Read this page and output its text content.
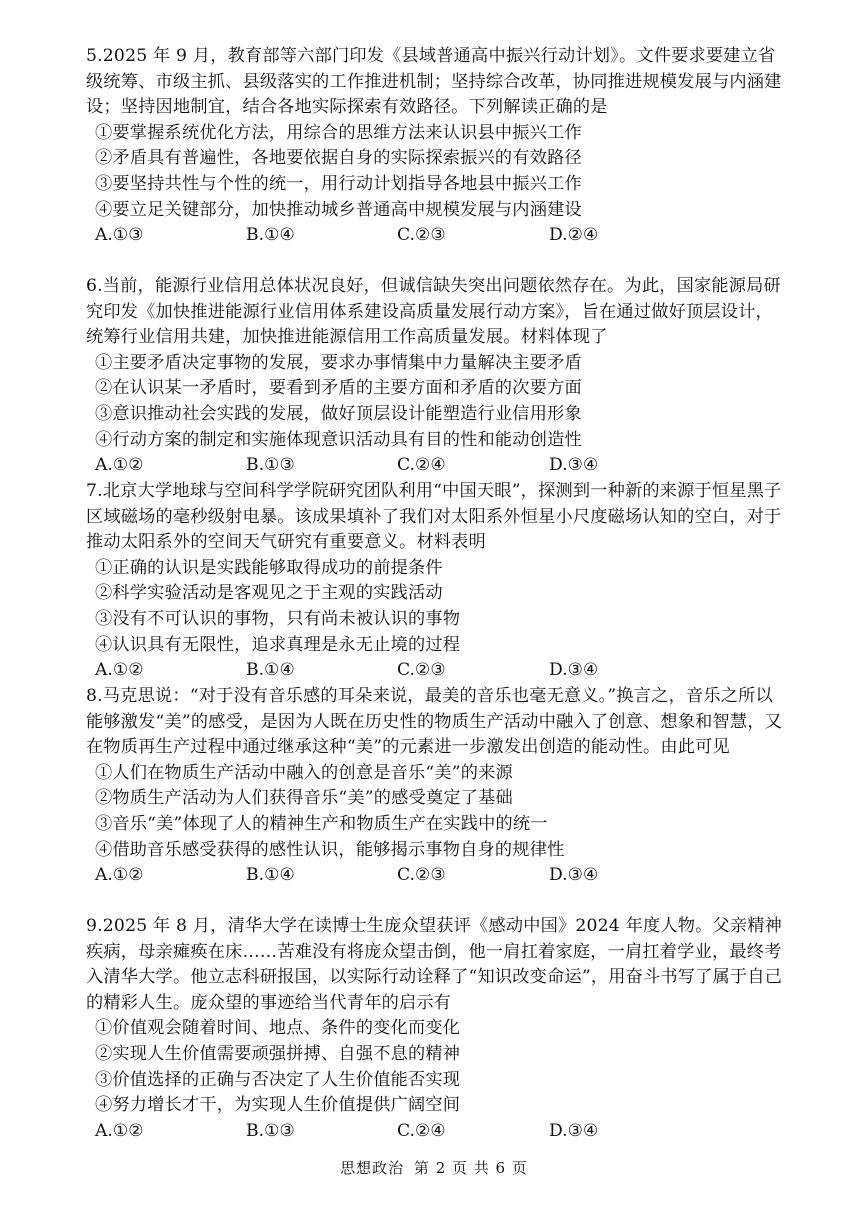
5.2025 年 9 月，教育部等六部门印发《县域普通高中振兴行动计划》。文件要求要建立省级统筹、市级主抓、县级落实的工作推进机制；坚持综合改革，协同推进规模发展与内涵建设；坚持因地制宜，结合各地实际探索有效路径。下列解读正确的是

①要掌握系统优化方法，用综合的思维方法来认识县中振兴工作

②矛盾具有普遍性，各地要依据自身的实际探索振兴的有效路径

③要坚持共性与个性的统一，用行动计划指导各地县中振兴工作

④要立足关键部分，加快推动城乡普通高中规模发展与内涵建设

A.①③	B.①④	C.②③	D.②④

6.当前，能源行业信用总体状况良好，但诚信缺失突出问题依然存在。为此，国家能源局研究印发《加快推进能源行业信用体系建设高质量发展行动方案》，旨在通过做好顶层设计，统筹行业信用共建，加快推进能源信用工作高质量发展。材料体现了

①主要矛盾决定事物的发展，要求办事情集中力量解决主要矛盾

②在认识某一矛盾时，要看到矛盾的主要方面和矛盾的次要方面

③意识推动社会实践的发展，做好顶层设计能塑造行业信用形象

④行动方案的制定和实施体现意识活动具有目的性和能动创造性

A.①②	B.①③	C.②④	D.③④

7.北京大学地球与空间科学学院研究团队利用“中国天眼”，探测到一种新的来源于恒星黑子区域磁场的毫秒级射电暴。该成果填补了我们对太阳系外恒星小尺度磁场认知的空白，对于推动太阳系外的空间天气研究有重要意义。材料表明

①正确的认识是实践能够取得成功的前提条件

②科学实验活动是客观见之于主观的实践活动

③没有不可认识的事物，只有尚未被认识的事物

④认识具有无限性，追求真理是永无止境的过程

A.①②	B.①④	C.②③	D.③④

8.马克思说：“对于没有音乐感的耳朵来说，最美的音乐也毫无意义。”换言之，音乐之所以能够激发“美”的感受，是因为人既在历史性的物质生产活动中融入了创意、想象和智慧，又在物质再生产过程中通过继承这种“美”的元素进一步激发出创造的能动性。由此可见

①人们在物质生产活动中融入的创意是音乐“美”的来源

②物质生产活动为人们获得音乐“美”的感受奠定了基础

③音乐“美”体现了人的精神生产和物质生产在实践中的统一

④借助音乐感受获得的感性认识，能够揭示事物自身的规律性

A.①②	B.①④	C.②③	D.③④

9.2025 年 8 月，清华大学在读博士生庞众望获评《感动中国》2024 年度人物。父亲精神疾病，母亲瘫痪在床……苦难没有将庞众望击倒，他一肩扛着家庭，一肩扛着学业，最终考入清华大学。他立志科研报国，以实际行动诠释了“知识改变命运”，用奋斗书写了属于自己的精彩人生。庞众望的事迹给当代青年的启示有

①价值观会随着时间、地点、条件的变化而变化

②实现人生价值需要顽强拼搏、自强不息的精神

③价值选择的正确与否决定了人生价值能否实现

④努力增长才干，为实现人生价值提供广阔空间

A.①②	B.①③	C.②④	D.③④
思想政治 第 2 页 共 6 页
